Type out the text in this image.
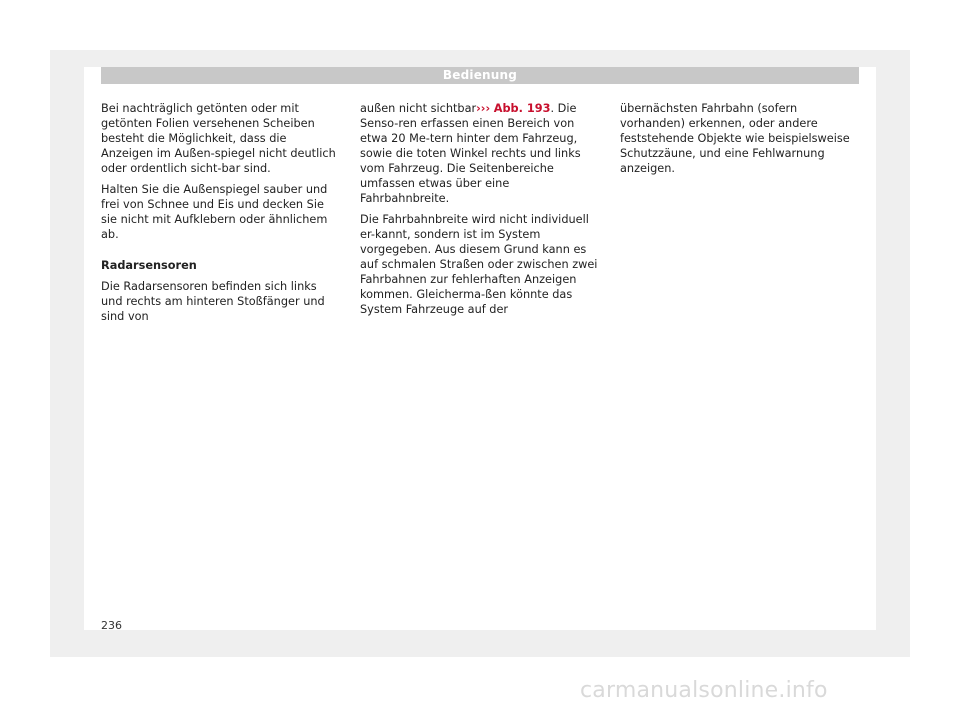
Bedienung

Bei nachträglich getönten oder mit getönten Folien versehenen Scheiben besteht die Möglichkeit, dass die Anzeigen im Außen-spiegel nicht deutlich oder ordentlich sicht-bar sind.

Halten Sie die Außenspiegel sauber und frei von Schnee und Eis und decken Sie sie nicht mit Aufklebern oder ähnlichem ab.

Radarsensoren

Die Radarsensoren befinden sich links und rechts am hinteren Stoßfänger und sind von

außen nicht sichtbar››› Abb. 193. Die Senso-ren erfassen einen Bereich von etwa 20 Me-tern hinter dem Fahrzeug, sowie die toten Winkel rechts und links vom Fahrzeug. Die Seitenbereiche umfassen etwas über eine Fahrbahnbreite.

Die Fahrbahnbreite wird nicht individuell er-kannt, sondern ist im System vorgegeben. Aus diesem Grund kann es auf schmalen Straßen oder zwischen zwei Fahrbahnen zur fehlerhaften Anzeigen kommen. Gleicherma-ßen könnte das System Fahrzeuge auf der

übernächsten Fahrbahn (sofern vorhanden) erkennen, oder andere feststehende Objekte wie beispielsweise Schutzzäune, und eine Fehlwarnung anzeigen.

236
carmanualsonline.info
